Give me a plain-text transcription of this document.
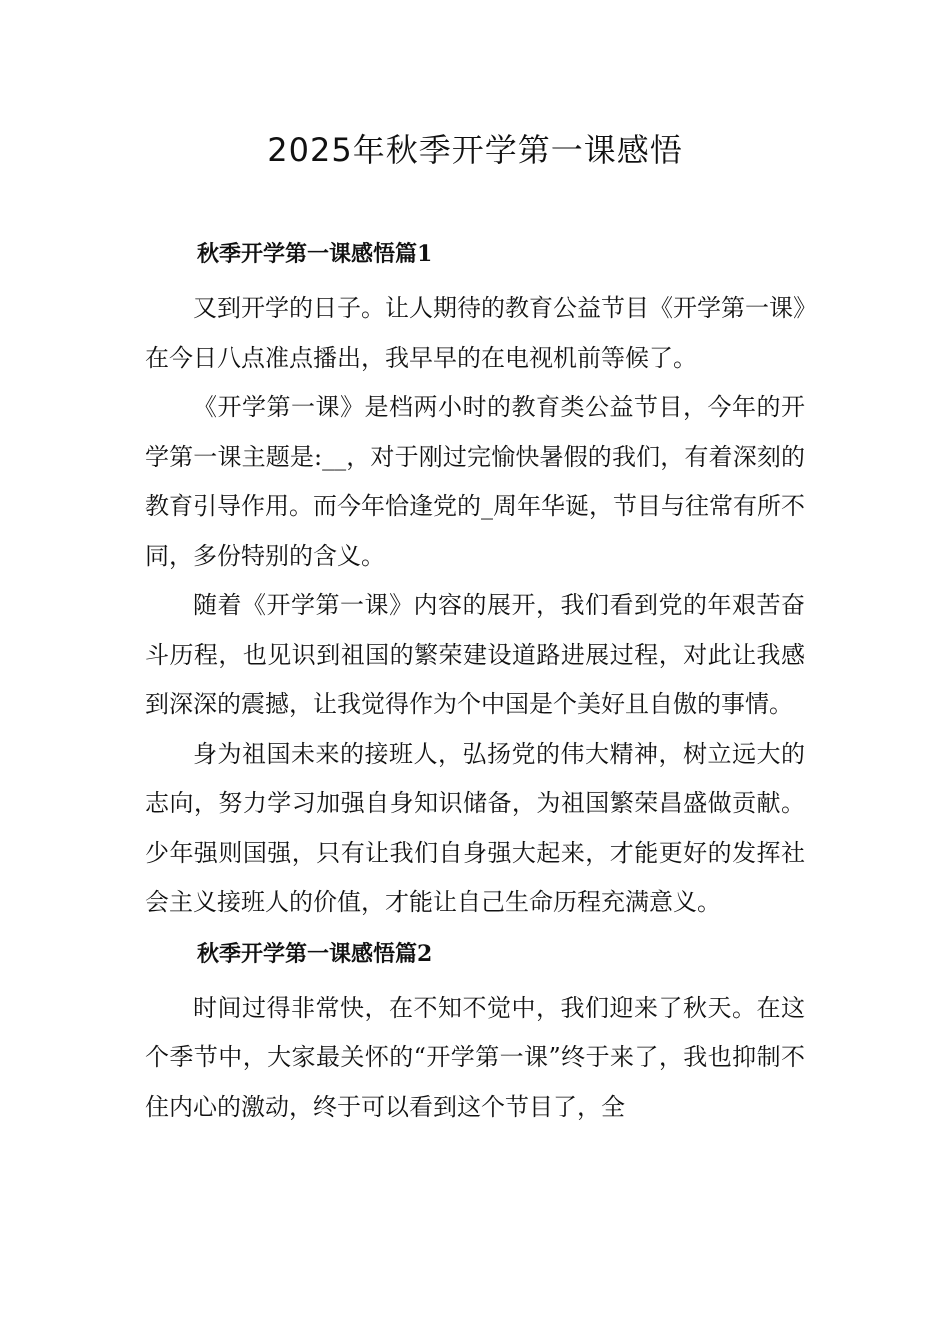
2025年秋季开学第一课感悟
秋季开学第一课感悟篇1

又到开学的日子。让人期待的教育公益节目《开学第一课》在今日八点准点播出，我早早的在电视机前等候了。

《开学第一课》是档两小时的教育类公益节目，今年的开学第一课主题是:__，对于刚过完愉快暑假的我们，有着深刻的教育引导作用。而今年恰逢党的_周年华诞，节目与往常有所不同，多份特别的含义。

随着《开学第一课》内容的展开，我们看到党的年艰苦奋斗历程，也见识到祖国的繁荣建设道路进展过程，对此让我感到深深的震撼，让我觉得作为个中国是个美好且自傲的事情。

身为祖国未来的接班人，弘扬党的伟大精神，树立远大的志向，努力学习加强自身知识储备，为祖国繁荣昌盛做贡献。少年强则国强，只有让我们自身强大起来，才能更好的发挥社会主义接班人的价值，才能让自己生命历程充满意义。

秋季开学第一课感悟篇2

时间过得非常快，在不知不觉中，我们迎来了秋天。在这个季节中，大家最关怀的“开学第一课”终于来了，我也抑制不住内心的激动，终于可以看到这个节目了，全
